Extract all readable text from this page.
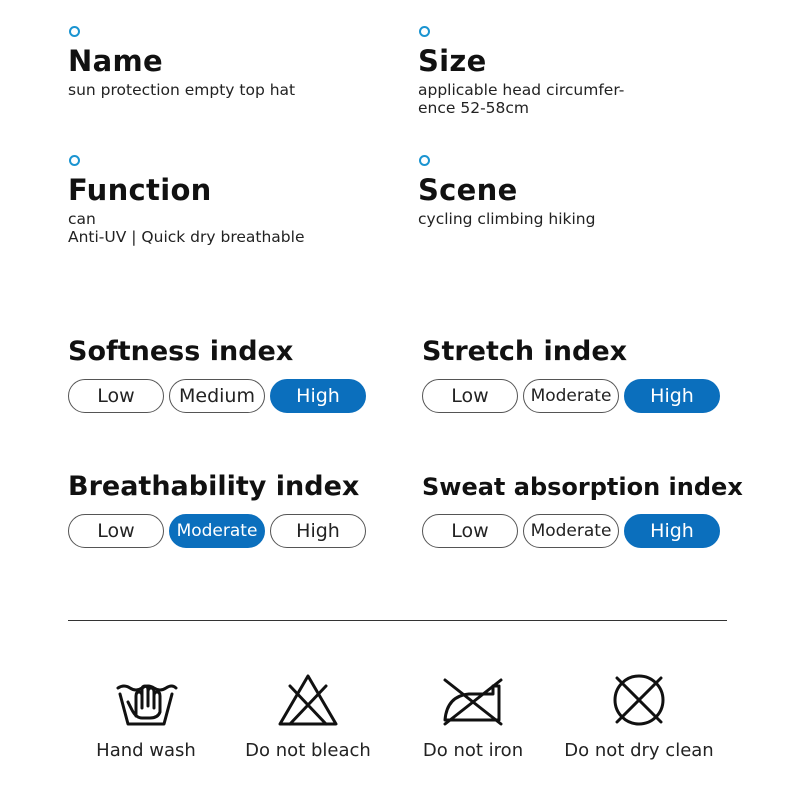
Name
sun protection empty top hat
Size
applicable head circumfer-
ence 52-58cm
Function
can
Anti-UV | Quick dry breathable
Scene
cycling climbing hiking
Softness index
Low	Medium	High
Stretch index
Low	Moderate	High
Breathability index
Low	Moderate	High
Sweat absorption index
Low	Moderate	High
Hand wash	Do not bleach	Do not iron	Do not dry clean
